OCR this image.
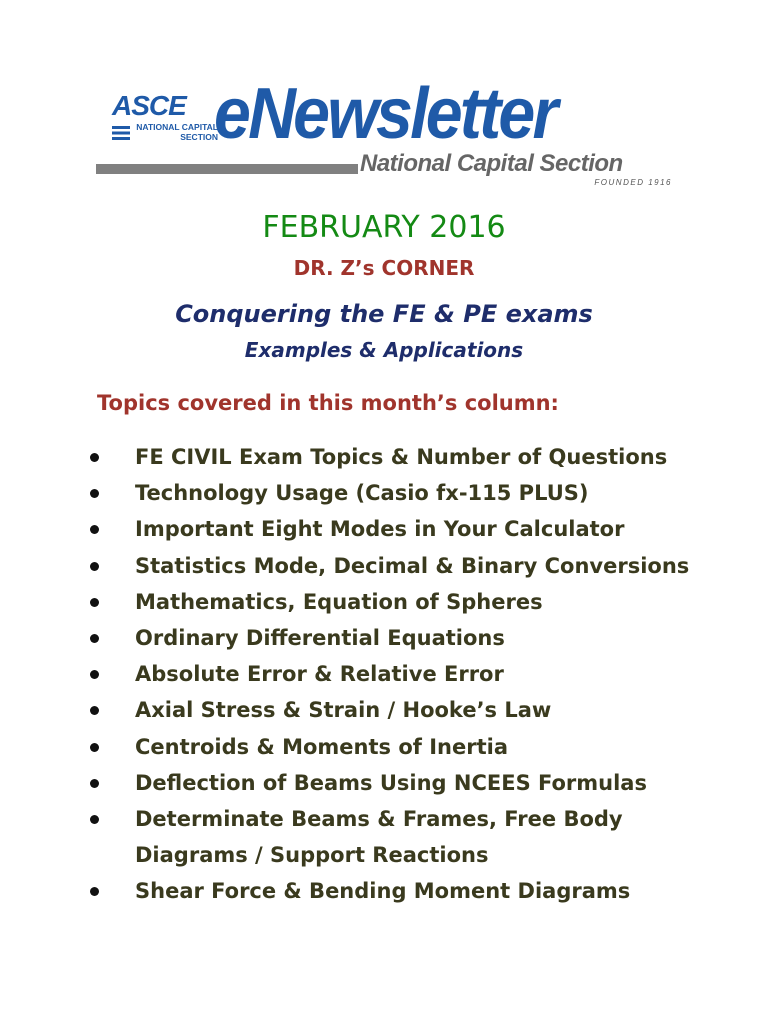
ASCE
NATIONAL CAPITAL
SECTION
eNewsletter
National Capital Section
FOUNDED 1916
FEBRUARY 2016
DR. Z’s CORNER
Conquering the FE & PE exams
Examples & Applications
Topics covered in this month’s column:
FE CIVIL Exam Topics & Number of Questions
Technology Usage (Casio fx-115 PLUS)
Important Eight Modes in Your Calculator
Statistics Mode, Decimal & Binary Conversions
Mathematics, Equation of Spheres
Ordinary Differential Equations
Absolute Error & Relative Error
Axial Stress & Strain / Hooke’s Law
Centroids & Moments of Inertia
Deflection of Beams Using NCEES Formulas
Determinate Beams & Frames, Free Body Diagrams / Support Reactions
Shear Force & Bending Moment Diagrams
